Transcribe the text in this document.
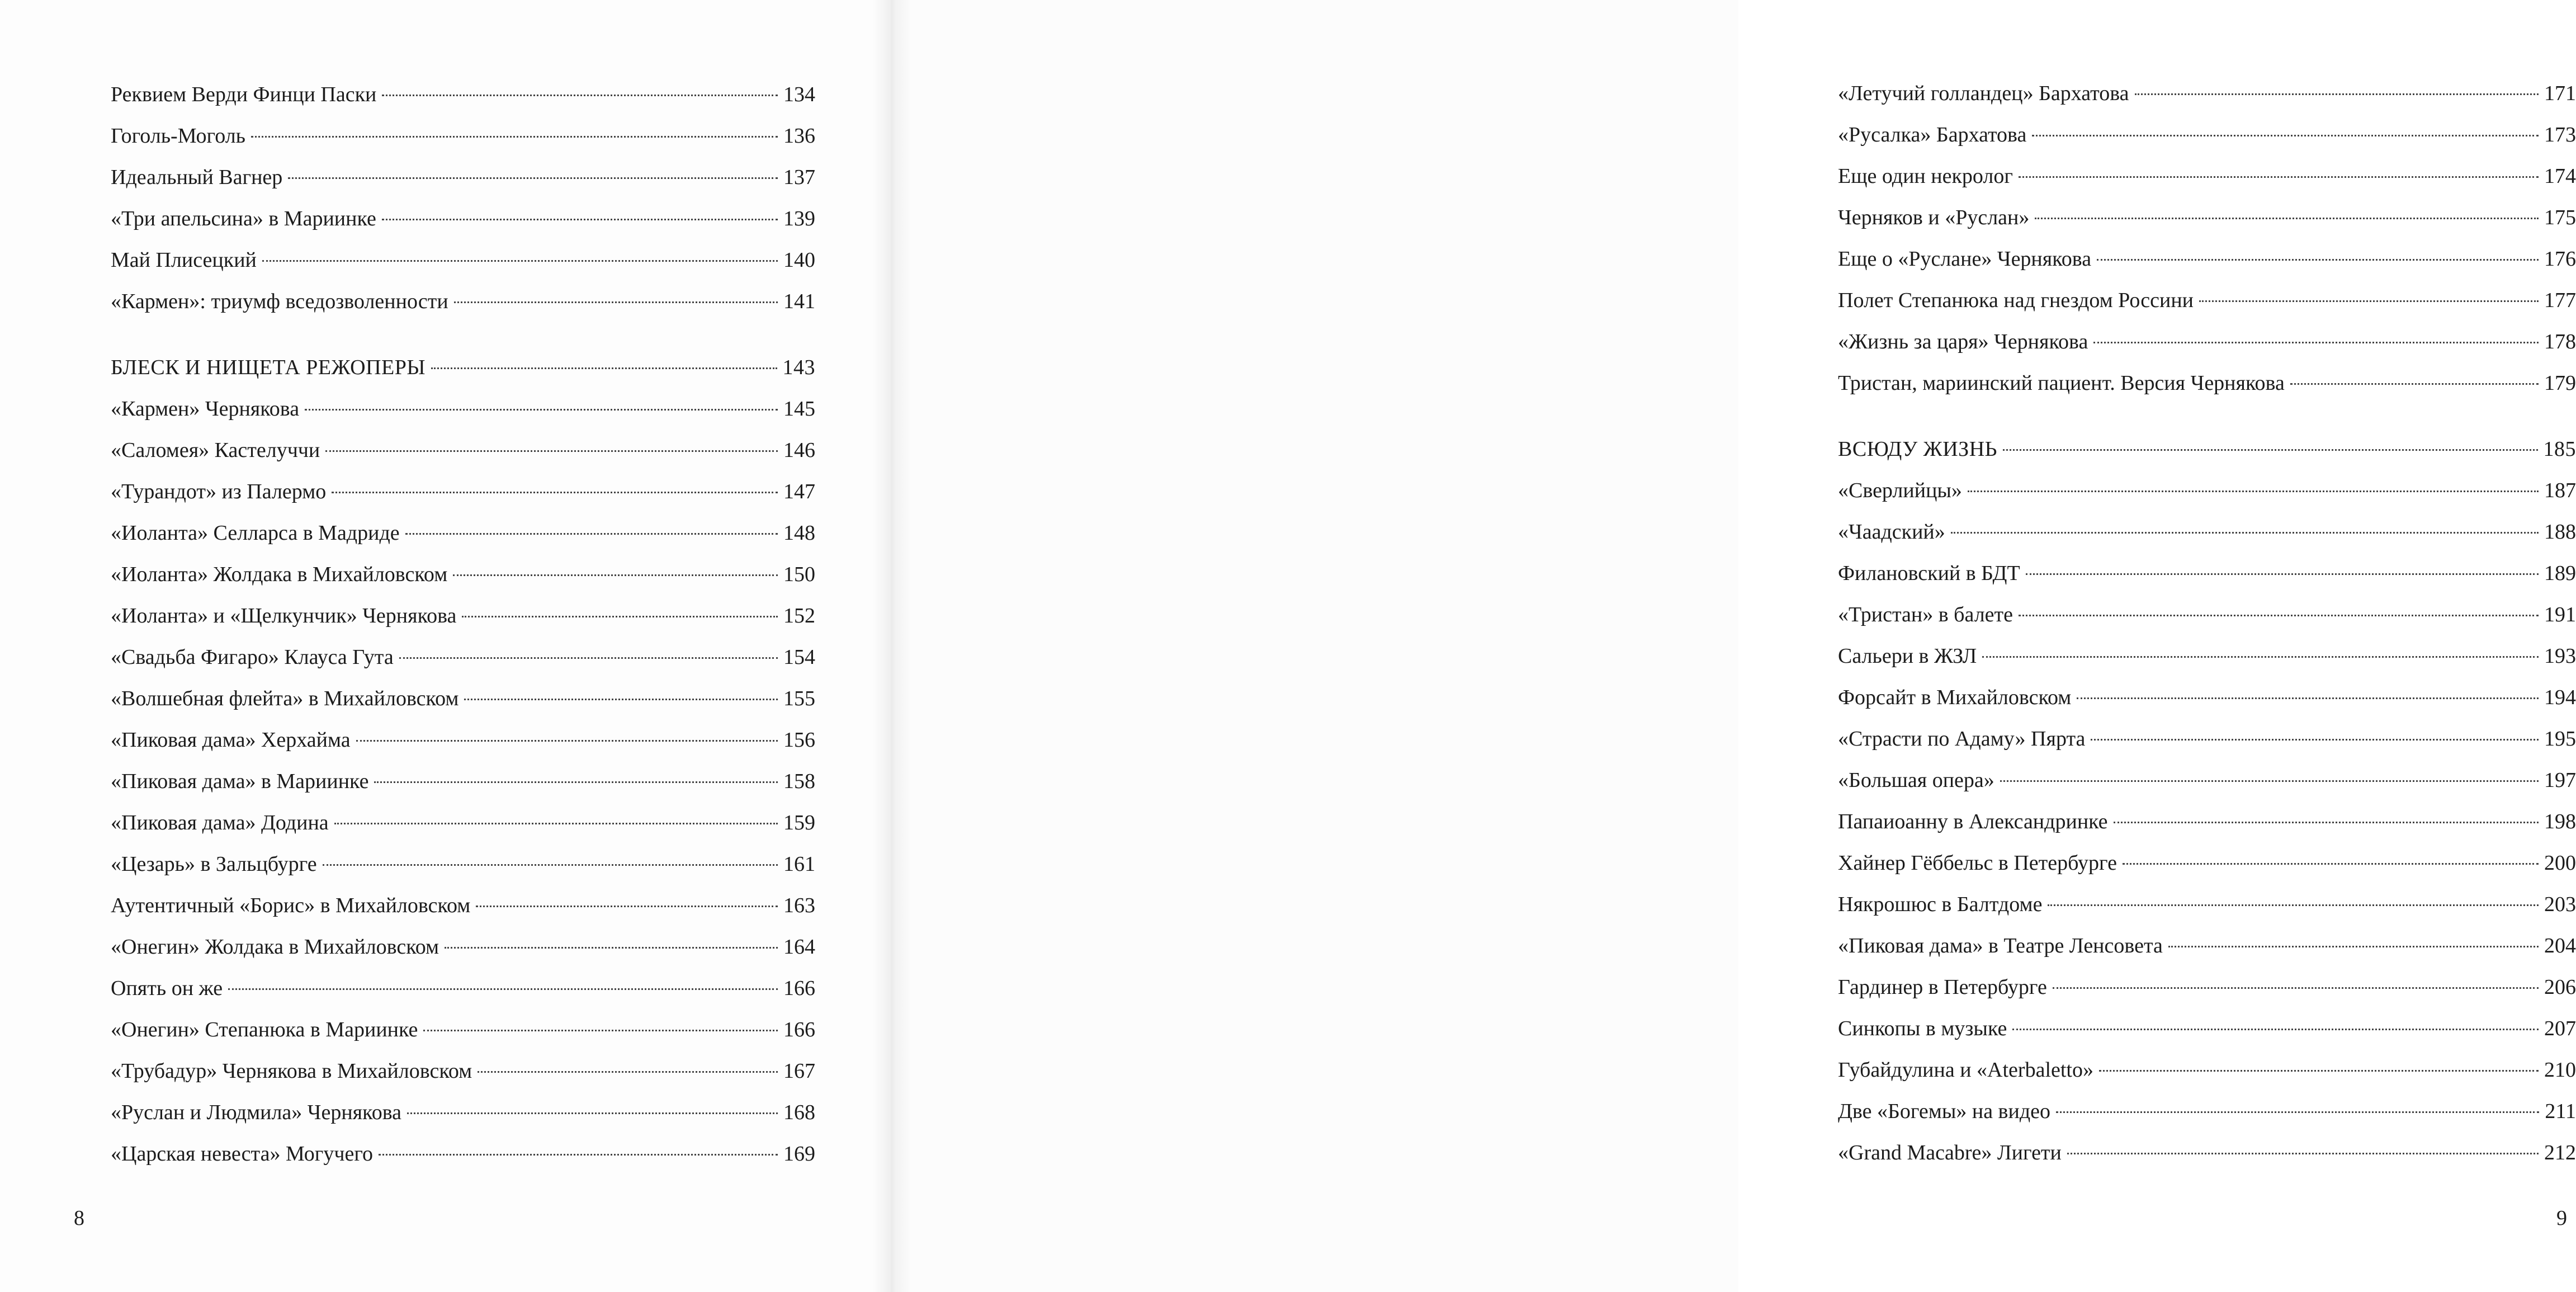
Реквием Верди Финци Паски	134
Гоголь-Моголь	136
Идеальный Вагнер	137
«Три апельсина» в Мариинке	139
Май Плисецкий	140
«Кармен»: триумф вседозволенности	141
БЛЕСК И НИЩЕТА РЕЖОПЕРЫ	143
«Кармен» Чернякова	145
«Саломея» Кастелуччи	146
«Турандот» из Палермо	147
«Иоланта» Селларса в Мадриде	148
«Иоланта» Жолдака в Михайловском	150
«Иоланта» и «Щелкунчик» Чернякова	152
«Свадьба Фигаро» Клауса Гута	154
«Волшебная флейта» в Михайловском	155
«Пиковая дама» Херхайма	156
«Пиковая дама» в Мариинке	158
«Пиковая дама» Додина	159
«Цезарь» в Зальцбурге	161
Аутентичный «Борис» в Михайловском	163
«Онегин» Жолдака в Михайловском	164
Опять он же	166
«Онегин» Степанюка в Мариинке	166
«Трубадур» Чернякова в Михайловском	167
«Руслан и Людмила» Чернякова	168
«Царская невеста» Могучего	169
8
«Летучий голландец» Бархатова	171
«Русалка» Бархатова	173
Еще один некролог	174
Черняков и «Руслан»	175
Еще о «Руслане» Чернякова	176
Полет Степанюка над гнездом Россини	177
«Жизнь за царя» Чернякова	178
Тристан, мариинский пациент. Версия Чернякова	179
ВСЮДУ ЖИЗНЬ	185
«Сверлийцы»	187
«Чаадский»	188
Филановский в БДТ	189
«Тристан» в балете	191
Сальери в ЖЗЛ	193
Форсайт в Михайловском	194
«Страсти по Адаму» Пярта	195
«Большая опера»	197
Папаиоанну в Александринке	198
Хайнер Гёббельс в Петербурге	200
Някрошюс в Балтдоме	203
«Пиковая дама» в Театре Ленсовета	204
Гардинер в Петербурге	206
Синкопы в музыке	207
Губайдулина и «Aterbaletto»	210
Две «Богемы» на видео	211
«Grand Macabre» Лигети	212
9
